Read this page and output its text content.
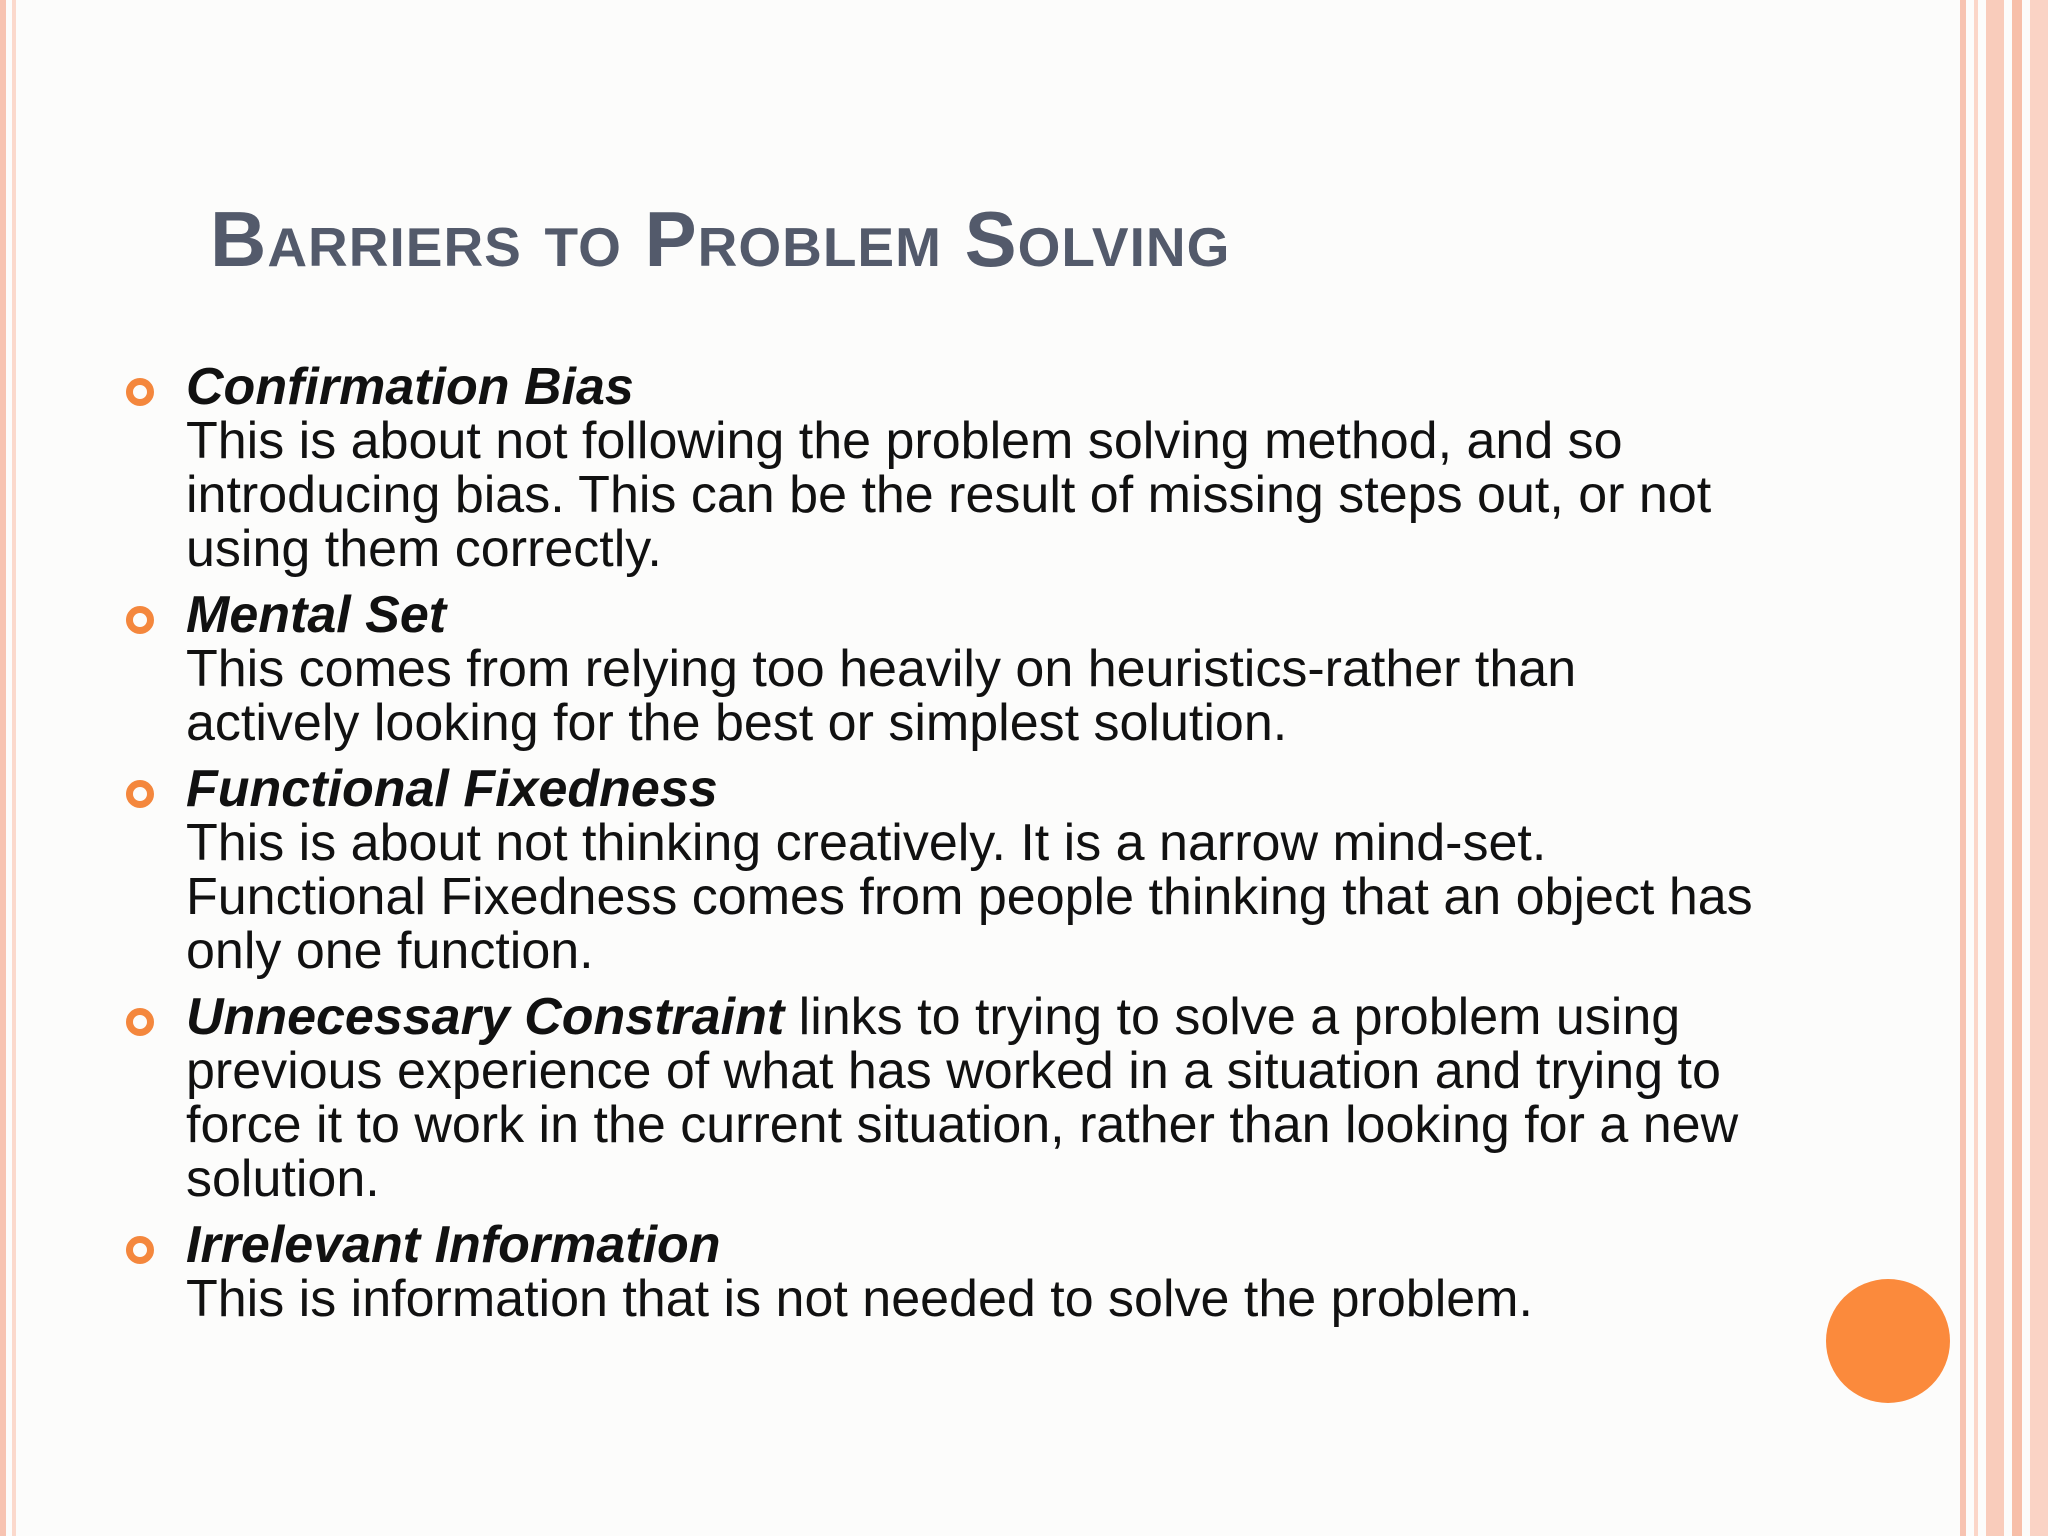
Barriers to Problem Solving
Confirmation Bias
This is about not following the problem solving method, and so introducing bias. This can be the result of missing steps out, or not using them correctly.
Mental Set
This comes from relying too heavily on heuristics-rather than actively looking for the best or simplest solution.
Functional Fixedness
This is about not thinking creatively. It is a narrow mind-set. Functional Fixedness comes from people thinking that an object has only one function.
Unnecessary Constraint links to trying to solve a problem using previous experience of what has worked in a situation and trying to force it to work in the current situation, rather than looking for a new solution.
Irrelevant Information
This is information that is not needed to solve the problem.
